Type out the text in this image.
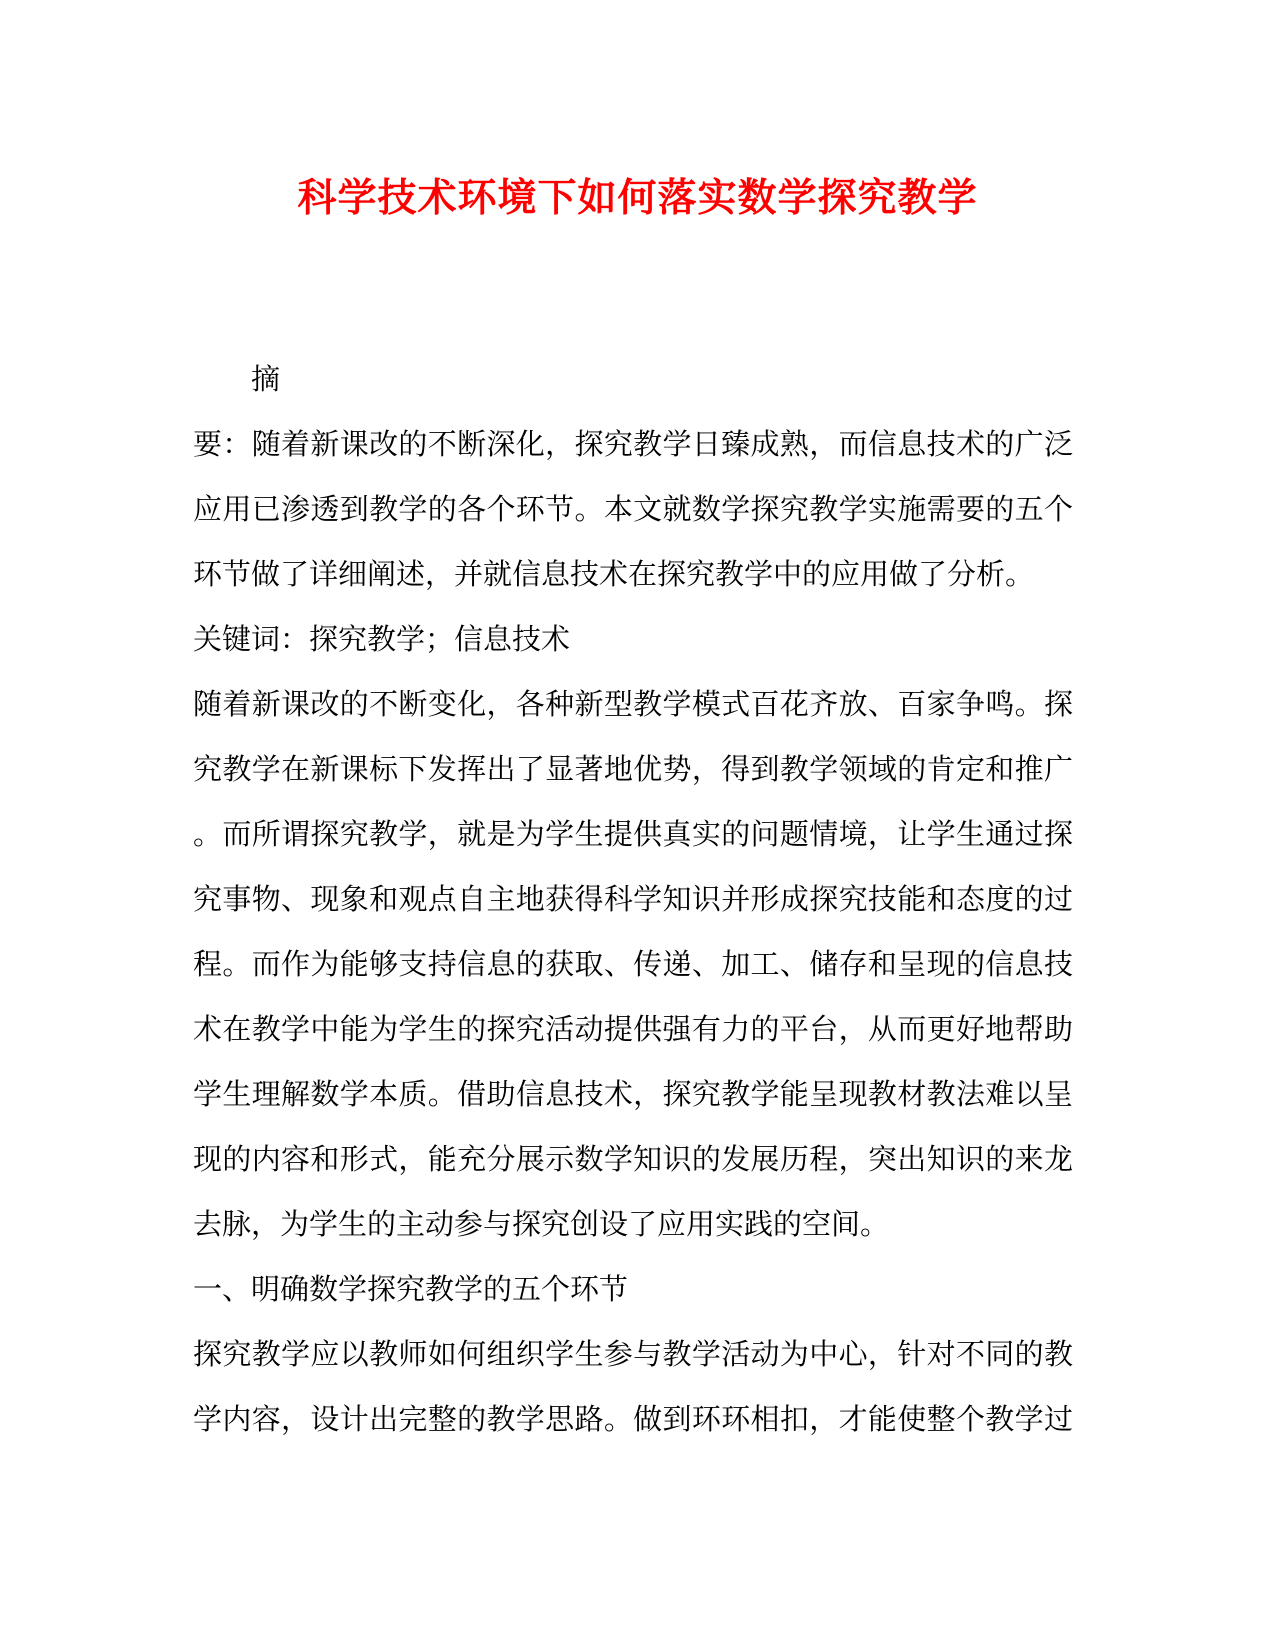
科学技术环境下如何落实数学探究教学
摘
要：随着新课改的不断深化，探究教学日臻成熟，而信息技术的广泛
应用已渗透到教学的各个环节。本文就数学探究教学实施需要的五个
环节做了详细阐述，并就信息技术在探究教学中的应用做了分析。
关键词：探究教学；信息技术
随着新课改的不断变化，各种新型教学模式百花齐放、百家争鸣。探
究教学在新课标下发挥出了显著地优势，得到教学领域的肯定和推广
。而所谓探究教学，就是为学生提供真实的问题情境，让学生通过探
究事物、现象和观点自主地获得科学知识并形成探究技能和态度的过
程。而作为能够支持信息的获取、传递、加工、储存和呈现的信息技
术在教学中能为学生的探究活动提供强有力的平台，从而更好地帮助
学生理解数学本质。借助信息技术，探究教学能呈现教材教法难以呈
现的内容和形式，能充分展示数学知识的发展历程，突出知识的来龙
去脉，为学生的主动参与探究创设了应用实践的空间。
一、明确数学探究教学的五个环节
探究教学应以教师如何组织学生参与教学活动为中心，针对不同的教
学内容，设计出完整的教学思路。做到环环相扣，才能使整个教学过
